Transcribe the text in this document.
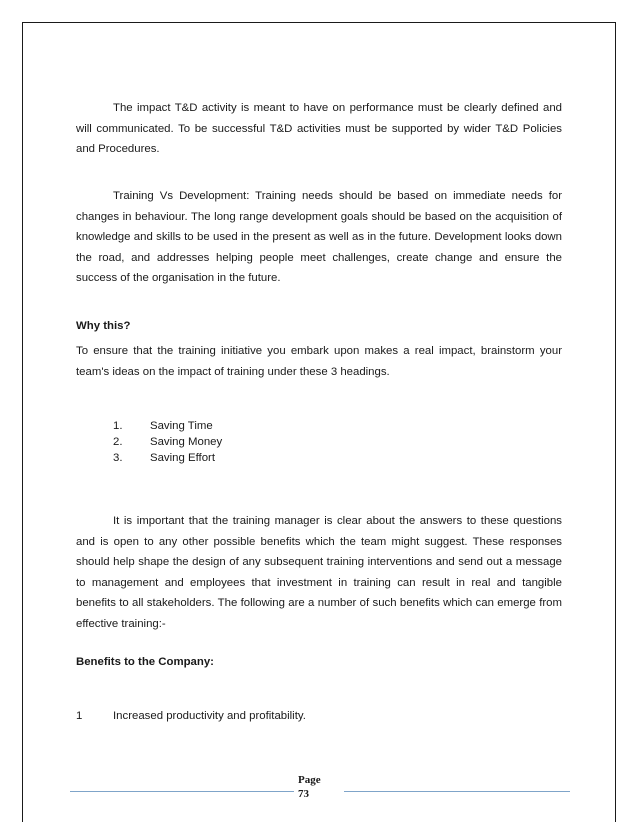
The impact T&D activity is meant to have on performance must be clearly defined and will communicated. To be successful T&D activities must be supported by wider T&D Policies and Procedures.

Training Vs Development: Training needs should be based on immediate needs for changes in behaviour. The long range development goals should be based on the acquisition of knowledge and skills to be used in the present as well as in the future. Development looks down the road, and addresses helping people meet challenges, create change and ensure the success of the organisation in the future.

Why this?

To ensure that the training initiative you embark upon makes a real impact, brainstorm your team's ideas on the impact of training under these 3 headings.

1. Saving Time
2. Saving Money
3. Saving Effort

It is important that the training manager is clear about the answers to these questions and is open to any other possible benefits which the team might suggest. These responses should help shape the design of any subsequent training interventions and send out a message to management and employees that investment in training can result in real and tangible benefits to all stakeholders. The following are a number of such benefits which can emerge from effective training:-

Benefits to the Company:

1	Increased productivity and profitability.
Page
73
